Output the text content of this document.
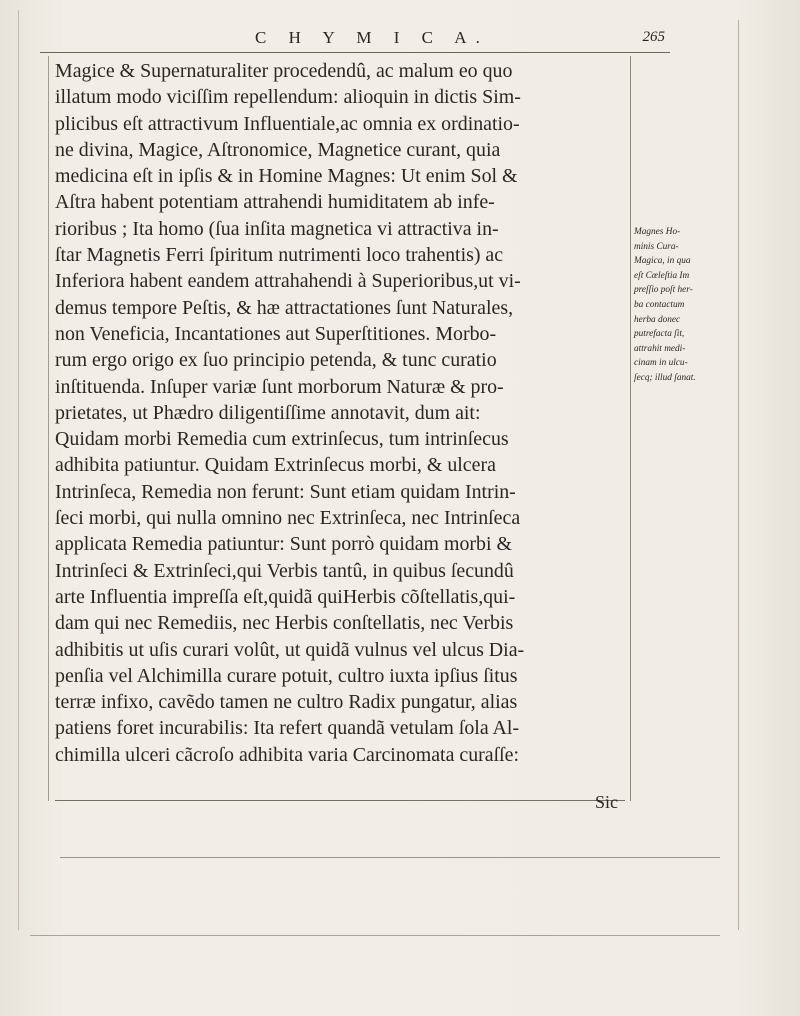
C H Y M I C A.	265
Magice & Supernaturaliter procedendû, ac malum eo quo
illatum modo viciſſim repellendum: alioquin in dictis Sim-
plicibus eſt attractivum Influentiale,ac omnia ex ordinatio-
ne divina, Magice, Aſtronomice, Magnetice curant, quia
medicina eſt in ipſis & in Homine Magnes: Ut enim Sol &
Aſtra habent potentiam attrahendi humiditatem ab infe-
rioribus ; Ita homo (ſua inſita magnetica vi attractiva in-
ſtar Magnetis Ferri ſpiritum nutrimenti loco trahentis) ac
Inferiora habent eandem attrahahendi à Superioribus,ut vi-
demus tempore Peſtis, & hæ attractationes ſunt Naturales,
non Veneficia, Incantationes aut Superſtitiones. Morbo-
rum ergo origo ex ſuo principio petenda, & tunc curatio
inſtituenda. Inſuper variæ ſunt morborum Naturæ & pro-
prietates, ut Phædro diligentiſſime annotavit, dum ait:
Quidam morbi Remedia cum extrinſecus, tum intrinſecus
adhibita patiuntur. Quidam Extrinſecus morbi, & ulcera
Intrinſeca, Remedia non ferunt: Sunt etiam quidam Intrin-
ſeci morbi, qui nulla omnino nec Extrinſeca, nec Intrinſeca
applicata Remedia patiuntur: Sunt porrò quidam morbi &
Intrinſeci & Extrinſeci,qui Verbis tantû, in quibus ſecundû
arte Influentia impreſſa eſt,quidã quiHerbis cõſtellatis,qui-
dam qui nec Remediis, nec Herbis conſtellatis, nec Verbis
adhibitis ut uſis curari volût, ut quidã vulnus vel ulcus Dia-
penſia vel Alchimilla curare potuit, cultro iuxta ipſius ſitus
terræ infixo, cavẽdo tamen ne cultro Radix pungatur, alias
patiens foret incurabilis: Ita refert quandã vetulam ſola Al-
chimilla ulceri cãcroſo adhibita varia Carcinomata curaſſe:
Magnes Ho-
minis Cura-
Magica, in qua
eſt Cœleſtia Im
preſſio poſt her-
ba contactum
herba donec
putrefacta ſit,
attrahit medi-
cinam in ulcu-
ſecq; illud ſanat.
Sic
